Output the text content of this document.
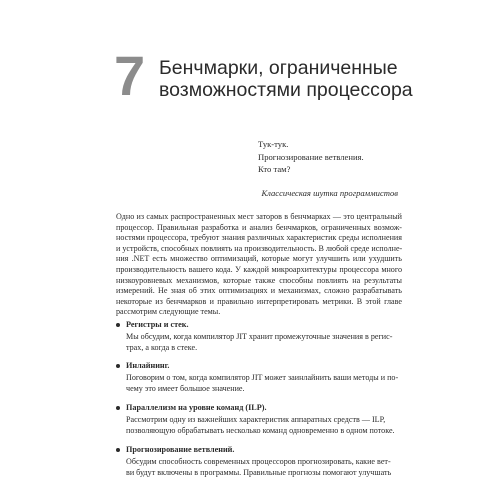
7 Бенчмарки, ограниченные
возможностями процессора
Тук-тук.
Прогнозирование ветвления.
Кто там?
Классическая шутка программистов

Одно из самых распространенных мест заторов в бенчмарках — это центральный
процессор. Правильная разработка и анализ бенчмарков, ограниченных возмож-
ностями процессора, требуют знания различных характеристик среды исполнения
и устройств, способных повлиять на производительность. В любой среде исполне-
ния .NET есть множество оптимизаций, которые могут улучшить или ухудшить
производительность вашего кода. У каждой микроархитектуры процессора много
низкоуровневых механизмов, которые также способны повлиять на результаты
измерений. Не зная об этих оптимизациях и механизмах, сложно разрабатывать
некоторые из бенчмарков и правильно интерпретировать метрики. В этой главе
рассмотрим следующие темы.

Регистры и стек.
Мы обсудим, когда компилятор JIT хранит промежуточные значения в регис-
трах, а когда в стеке.
Инлайнинг.
Поговорим о том, когда компилятор JIT может заинлайнить ваши методы и по-
чему это имеет большое значение.
Параллелизм на уровне команд (ILP).
Рассмотрим одну из важнейших характеристик аппаратных средств — ILP,
позволяющую обрабатывать несколько команд одновременно в одном потоке.
Прогнозирование ветвлений.
Обсудим способность современных процессоров прогнозировать, какие вет-
ви будут включены в программы. Правильные прогнозы помогают улучшать
